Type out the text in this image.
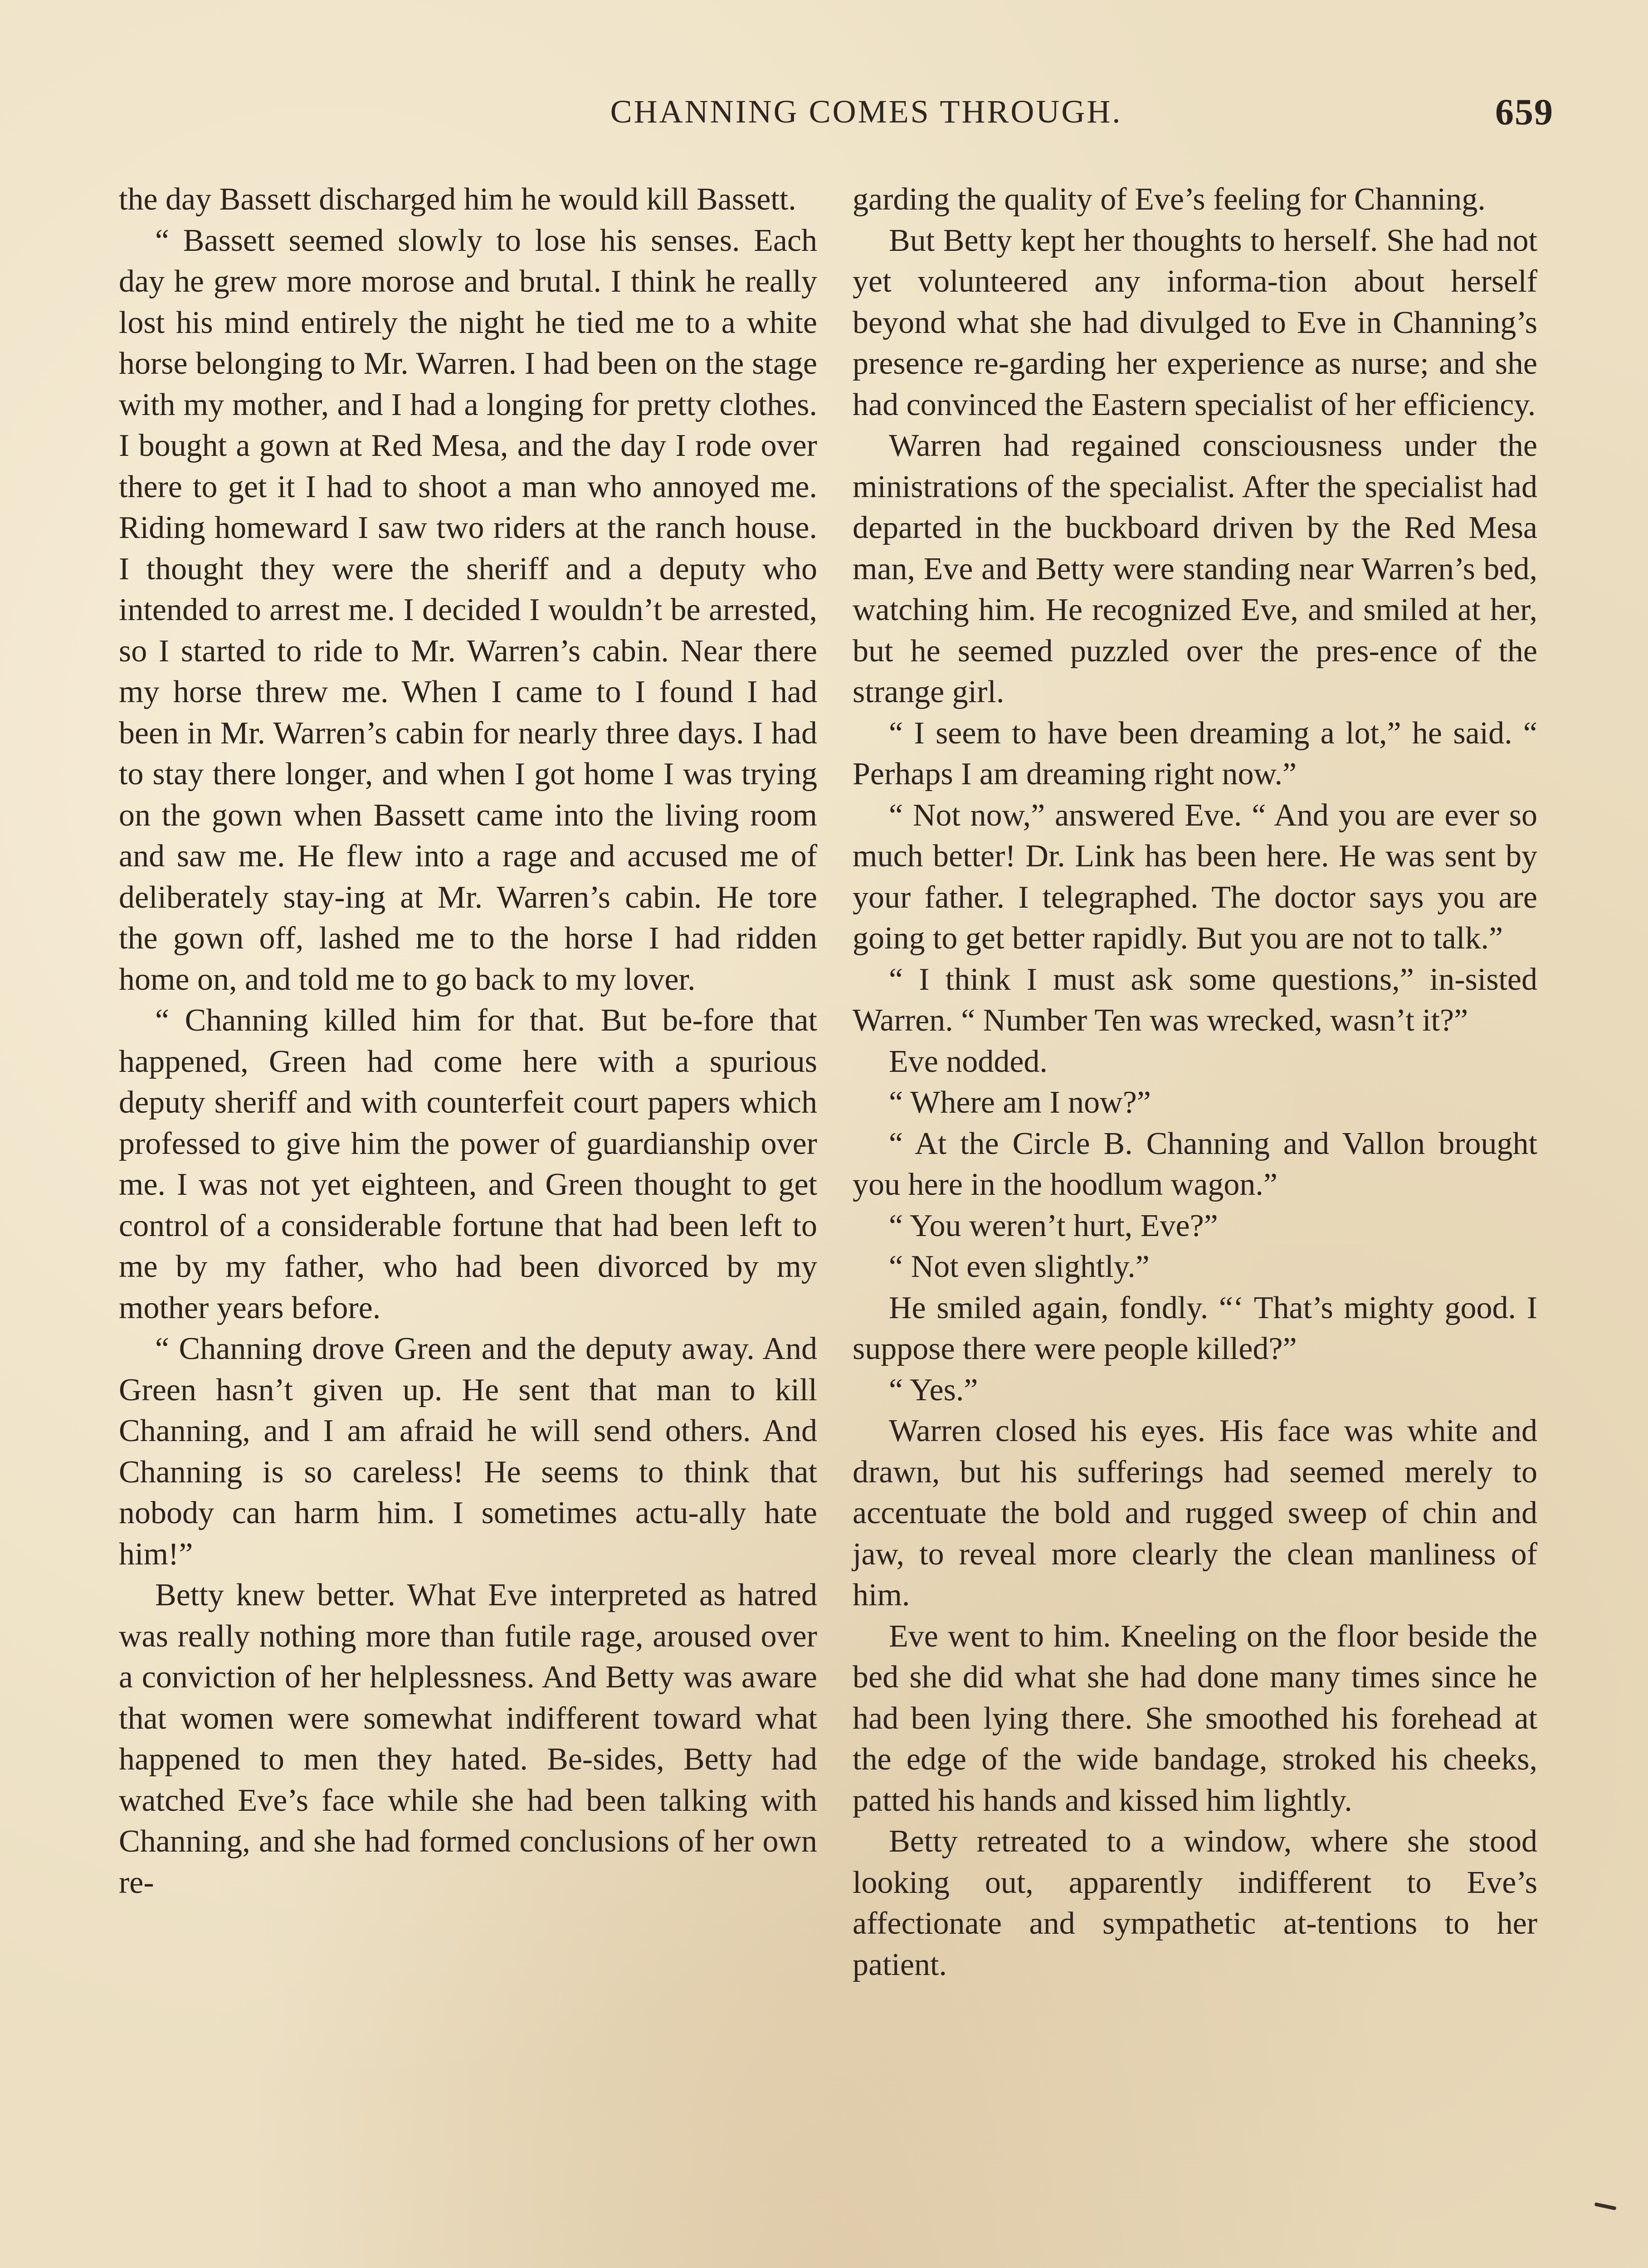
CHANNING COMES THROUGH.	659

the day Bassett discharged him he would kill Bassett.

“ Bassett seemed slowly to lose his senses. Each day he grew more morose and brutal. I think he really lost his mind entirely the night he tied me to a white horse belonging to Mr. Warren. I had been on the stage with my mother, and I had a longing for pretty clothes. I bought a gown at Red Mesa, and the day I rode over there to get it I had to shoot a man who annoyed me. Riding homeward I saw two riders at the ranch house. I thought they were the sheriff and a deputy who intended to arrest me. I decided I wouldn’t be arrested, so I started to ride to Mr. Warren’s cabin. Near there my horse threw me. When I came to I found I had been in Mr. Warren’s cabin for nearly three days. I had to stay there longer, and when I got home I was trying on the gown when Bassett came into the living room and saw me. He flew into a rage and accused me of deliberately stay-ing at Mr. Warren’s cabin. He tore the gown off, lashed me to the horse I had ridden home on, and told me to go back to my lover.

“ Channing killed him for that. But be-fore that happened, Green had come here with a spurious deputy sheriff and with counterfeit court papers which professed to give him the power of guardianship over me. I was not yet eighteen, and Green thought to get control of a considerable fortune that had been left to me by my father, who had been divorced by my mother years before.

“ Channing drove Green and the deputy away. And Green hasn’t given up. He sent that man to kill Channing, and I am afraid he will send others. And Channing is so careless! He seems to think that nobody can harm him. I sometimes actu-ally hate him!”

Betty knew better. What Eve interpreted as hatred was really nothing more than futile rage, aroused over a conviction of her helplessness. And Betty was aware that women were somewhat indifferent toward what happened to men they hated. Be-sides, Betty had watched Eve’s face while she had been talking with Channing, and she had formed conclusions of her own re-

garding the quality of Eve’s feeling for Channing.

But Betty kept her thoughts to herself. She had not yet volunteered any informa-tion about herself beyond what she had divulged to Eve in Channing’s presence re-garding her experience as nurse; and she had convinced the Eastern specialist of her efficiency.

Warren had regained consciousness under the ministrations of the specialist. After the specialist had departed in the buckboard driven by the Red Mesa man, Eve and Betty were standing near Warren’s bed, watching him. He recognized Eve, and smiled at her, but he seemed puzzled over the pres-ence of the strange girl.

“ I seem to have been dreaming a lot,” he said. “ Perhaps I am dreaming right now.”

“ Not now,” answered Eve. “ And you are ever so much better! Dr. Link has been here. He was sent by your father. I telegraphed. The doctor says you are going to get better rapidly. But you are not to talk.”

“ I think I must ask some questions,” in-sisted Warren. “ Number Ten was wrecked, wasn’t it?”

Eve nodded.

“ Where am I now?”

“ At the Circle B. Channing and Vallon brought you here in the hoodlum wagon.”

“ You weren’t hurt, Eve?”

“ Not even slightly.”

He smiled again, fondly. “‘ That’s mighty good. I suppose there were people killed?”

“ Yes.”

Warren closed his eyes. His face was white and drawn, but his sufferings had seemed merely to accentuate the bold and rugged sweep of chin and jaw, to reveal more clearly the clean manliness of him.

Eve went to him. Kneeling on the floor beside the bed she did what she had done many times since he had been lying there. She smoothed his forehead at the edge of the wide bandage, stroked his cheeks, patted his hands and kissed him lightly.

Betty retreated to a window, where she stood looking out, apparently indifferent to Eve’s affectionate and sympathetic at-tentions to her patient.
